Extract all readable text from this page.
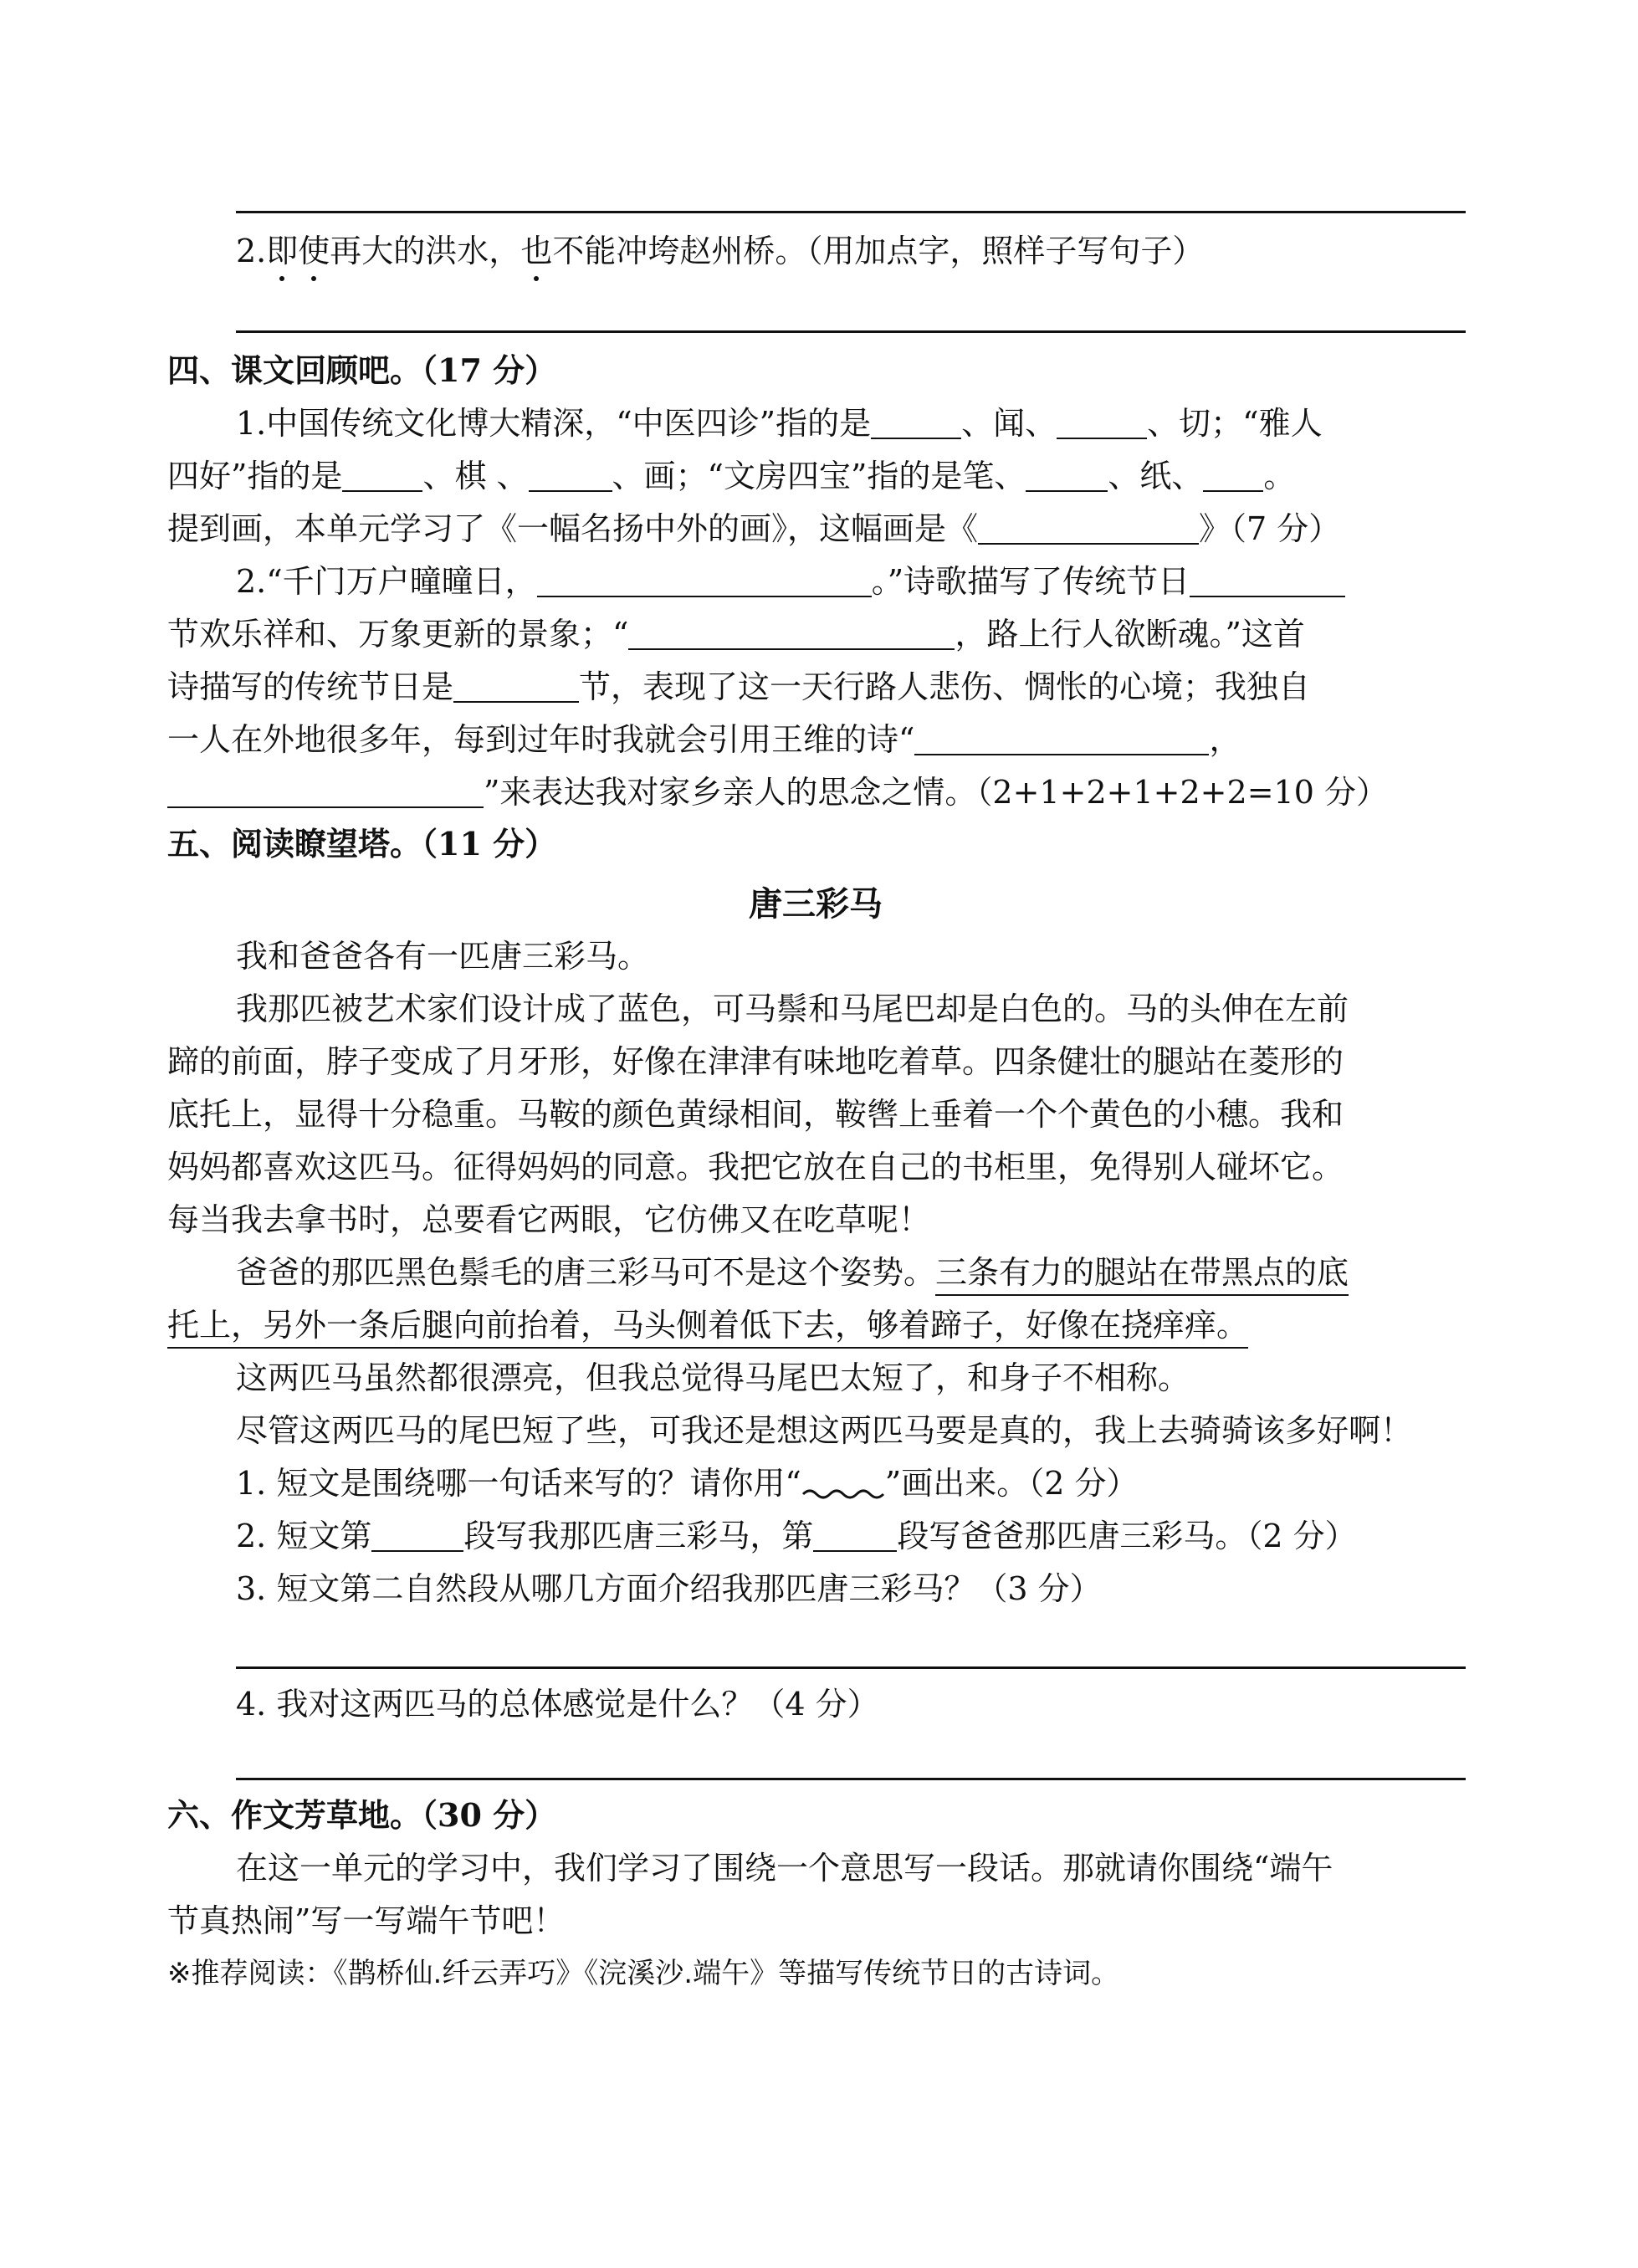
2.即使再大的洪水，也不能冲垮赵州桥。（用加点字，照样子写句子）
四、课文回顾吧。（17 分）
1.中国传统文化博大精深，“中医四诊”指的是	、闻、	、切；“雅人
四好”指的是	、棋 、	、画；“文房四宝”指的是笔、	、纸、 。
提到画，本单元学习了《一幅名扬中外的画》，这幅画是《	》（7 分）
2.“千门万户曈曈日，	。”诗歌描写了传统节日
节欢乐祥和、万象更新的景象；“	，路上行人欲断魂。”这首
诗描写的传统节日是	节，表现了这一天行路人悲伤、惆怅的心境；我独自
一人在外地很多年，每到过年时我就会引用王维的诗“	，
”来表达我对家乡亲人的思念之情。（2+1+2+1+2+2=10 分）
五、阅读瞭望塔。（11 分）
唐三彩马
我和爸爸各有一匹唐三彩马。
我那匹被艺术家们设计成了蓝色，可马鬃和马尾巴却是白色的。马的头伸在左前
蹄的前面，脖子变成了月牙形，好像在津津有味地吃着草。四条健壮的腿站在菱形的
底托上，显得十分稳重。马鞍的颜色黄绿相间，鞍辔上垂着一个个黄色的小穗。我和
妈妈都喜欢这匹马。征得妈妈的同意。我把它放在自己的书柜里，免得别人碰坏它。
每当我去拿书时，总要看它两眼，它仿佛又在吃草呢！
爸爸的那匹黑色鬃毛的唐三彩马可不是这个姿势。三条有力的腿站在带黑点的底
托上，另外一条后腿向前抬着，马头侧着低下去，够着蹄子，好像在挠痒痒。
这两匹马虽然都很漂亮，但我总觉得马尾巴太短了，和身子不相称。
尽管这两匹马的尾巴短了些，可我还是想这两匹马要是真的，我上去骑骑该多好啊！
1. 短文是围绕哪一句话来写的？请你用“	”画出来。（2 分）
2. 短文第	段写我那匹唐三彩马，第	段写爸爸那匹唐三彩马。（2 分）
3. 短文第二自然段从哪几方面介绍我那匹唐三彩马？（3 分）
4. 我对这两匹马的总体感觉是什么？（4 分）
六、作文芳草地。（30 分）
在这一单元的学习中，我们学习了围绕一个意思写一段话。那就请你围绕“端午
节真热闹”写一写端午节吧！
※推荐阅读：《鹊桥仙.纤云弄巧》《浣溪沙.端午》等描写传统节日的古诗词。
